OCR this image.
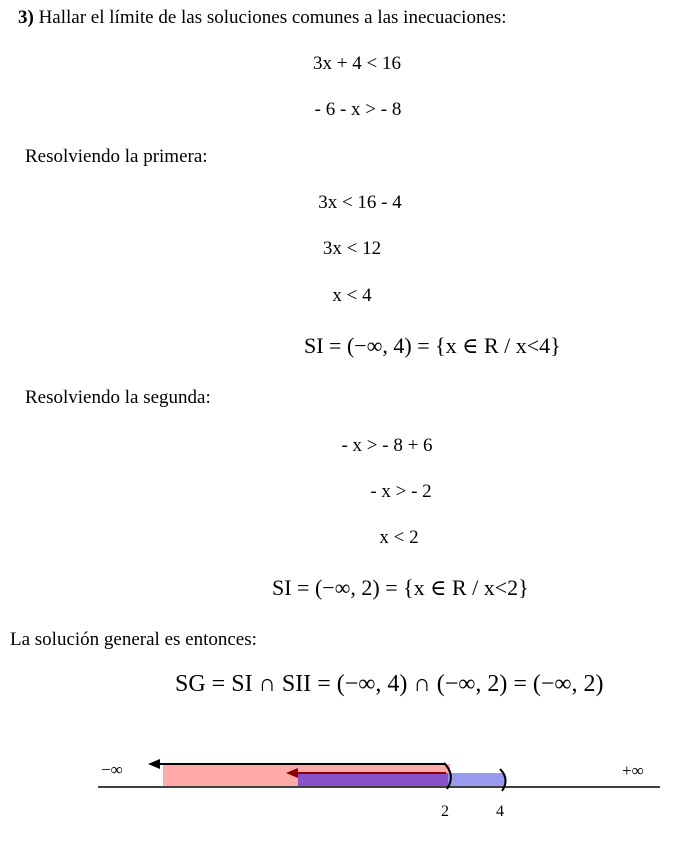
3) Hallar el límite de las soluciones comunes a las inecuaciones:
3x + 4 < 16
- 6 - x > - 8
Resolviendo la primera:
3x < 16 - 4
3x < 12
x < 4
SI = (−∞, 4) = {x ∈ R / x<4}
Resolviendo la segunda:
- x > - 8 + 6
- x > - 2
x < 2
SI = (−∞, 2) = {x ∈ R / x<2}
La solución general es entonces:
SG = SI ∩ SII = (−∞, 4) ∩ (−∞, 2) = (−∞, 2)
−∞	+∞
2	4
